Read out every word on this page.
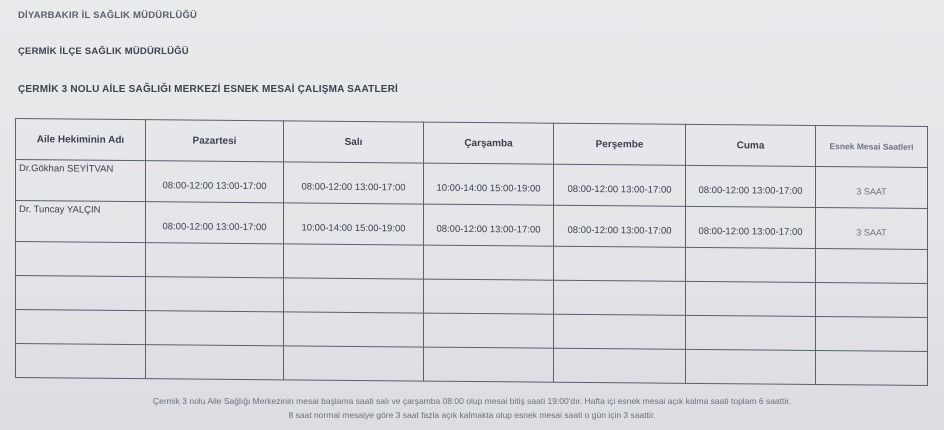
DİYARBAKIR İL SAĞLIK MÜDÜRLÜĞÜ
ÇERMİK İLÇE SAĞLIK MÜDÜRLÜĞÜ
ÇERMİK 3 NOLU AİLE SAĞLIĞI MERKEZİ ESNEK MESAİ ÇALIŞMA SAATLERİ
Aile Hekiminin Adı	Pazartesi	Salı	Çarşamba	Perşembe	Cuma	Esnek Mesai Saatleri
Dr.Gökhan SEYİTVAN	08:00-12:00 13:00-17:00	08:00-12:00 13:00-17:00	10:00-14:00 15:00-19:00	08:00-12:00 13:00-17:00	08:00-12:00 13:00-17:00	3 SAAT
Dr. Tuncay YALÇIN	08:00-12:00 13:00-17:00	10:00-14:00 15:00-19:00	08:00-12:00 13:00-17:00	08:00-12:00 13:00-17:00	08:00-12:00 13:00-17:00	3 SAAT

Çermik 3 nolu Aile Sağlığı Merkezinin mesai başlama saati salı ve çarşamba 08:00 olup mesai bitiş saati 19:00'dır. Hafta içi esnek mesai açık kalma saati toplam 6 saattir.
8 saat normal mesaiye göre 3 saat fazla açık kalmakta olup esnek mesai saati o gün için 3 saattir.
